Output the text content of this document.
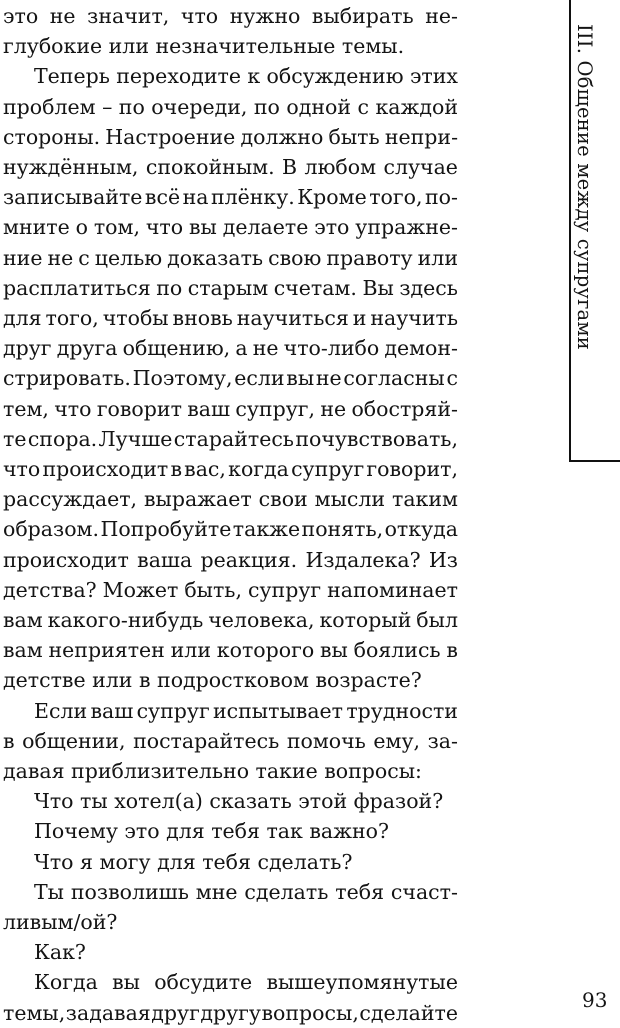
это не значит, что нужно выбирать не-
глубокие или незначительные темы.
Теперь переходите к обсуждению этих
проблем – по очереди, по одной с каждой
стороны. Настроение должно быть непри-
нуждённым, спокойным. В любом случае
записывайте всё на плёнку. Кроме того, по-
мните о том, что вы делаете это упражне-
ние не с целью доказать свою правоту или
расплатиться по старым счетам. Вы здесь
для того, чтобы вновь научиться и научить
друг друга общению, а не что-либо демон-
стрировать. Поэтому, если вы не согласны с
тем, что говорит ваш супруг, не обостряй-
те спора. Лучше старайтесь почувствовать,
что происходит в вас, когда супруг говорит,
рассуждает, выражает свои мысли таким
образом. Попробуйте также понять, откуда
происходит ваша реакция. Издалека? Из
детства? Может быть, супруг напоминает
вам какого-нибудь человека, который был
вам неприятен или которого вы боялись в
детстве или в подростковом возрасте?
Если ваш супруг испытывает трудности
в общении, постарайтесь помочь ему, за-
давая приблизительно такие вопросы:
Что ты хотел(а) сказать этой фразой?
Почему это для тебя так важно?
Что я могу для тебя сделать?
Ты позволишь мне сделать тебя счаст-
ливым/ой?
Как?
Когда вы обсудите вышеупомянутые
темы, задавая друг другу вопросы, сделайте
III. Общение между супругами
93
